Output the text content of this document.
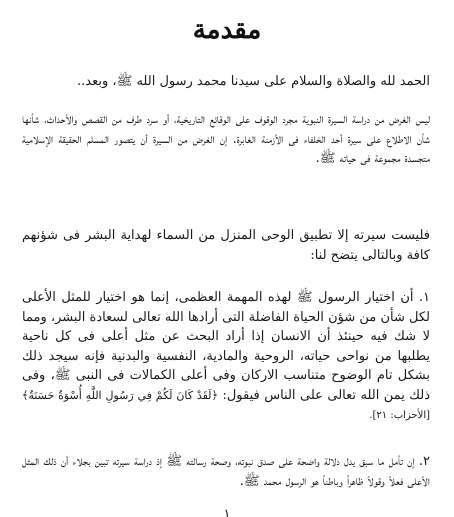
مقدمة

الحمد لله والصلاة والسلام على سيدنا محمد رسول الله ﷺ، وبعد..

ليس الغرض من دراسة السيرة النبوية مجرد الوقوف على الوقائع التاريخية، أو سرد طرف من القصص والأحداث، شأنها شأن الاطلاع على سيرة أحد الخلفاء فى الأزمنة الغابرة. إن الغرض من السيرة أن يتصور المسلم الحقيقة الإسلامية متجسدة مجموعة فى حياته ﷺ.

فليست سيرته إلا تطبيق الوحى المنزل من السماء لهداية البشر فى شؤنهم كافة وبالتالى يتضح لنا:

١. أن اختيار الرسول ﷺ لهذه المهمة العظمى، إنما هو اختيار للمثل الأعلى لكل شأن من شؤن الحياة الفاضلة التى أرادها الله تعالى لسعادة البشر، ومما لا شك فيه حينئذ أن الانسان إذا أراد البحث عن مثل أعلى فى كل ناحية يطلبها من نواحى حياته، الروحية والمادية، النفسية والبدنية فإنه سيجد ذلك بشكل تام الوضوح متناسب الاركان وفى أعلى الكمالات فى النبى ﷺ، وفى ذلك يمن الله تعالى على الناس فيقول: ﴿لَقَدْ كَانَ لَكُمْ فِي رَسُولِ اللَّهِ أُسْوَةٌ حَسَنَةٌ﴾ [الأحزاب: ٢١].

٢. إن تأمل ما سبق يدل دلالة واضحة على صدق نبوته، وصحة رسالته ﷺ إذ دراسة سيرته تبين بجلاء أن ذلك المثل الأعلى فعلاً وقولاً ظاهراً وباطناً هو الرسول محمد ﷺ.

١
